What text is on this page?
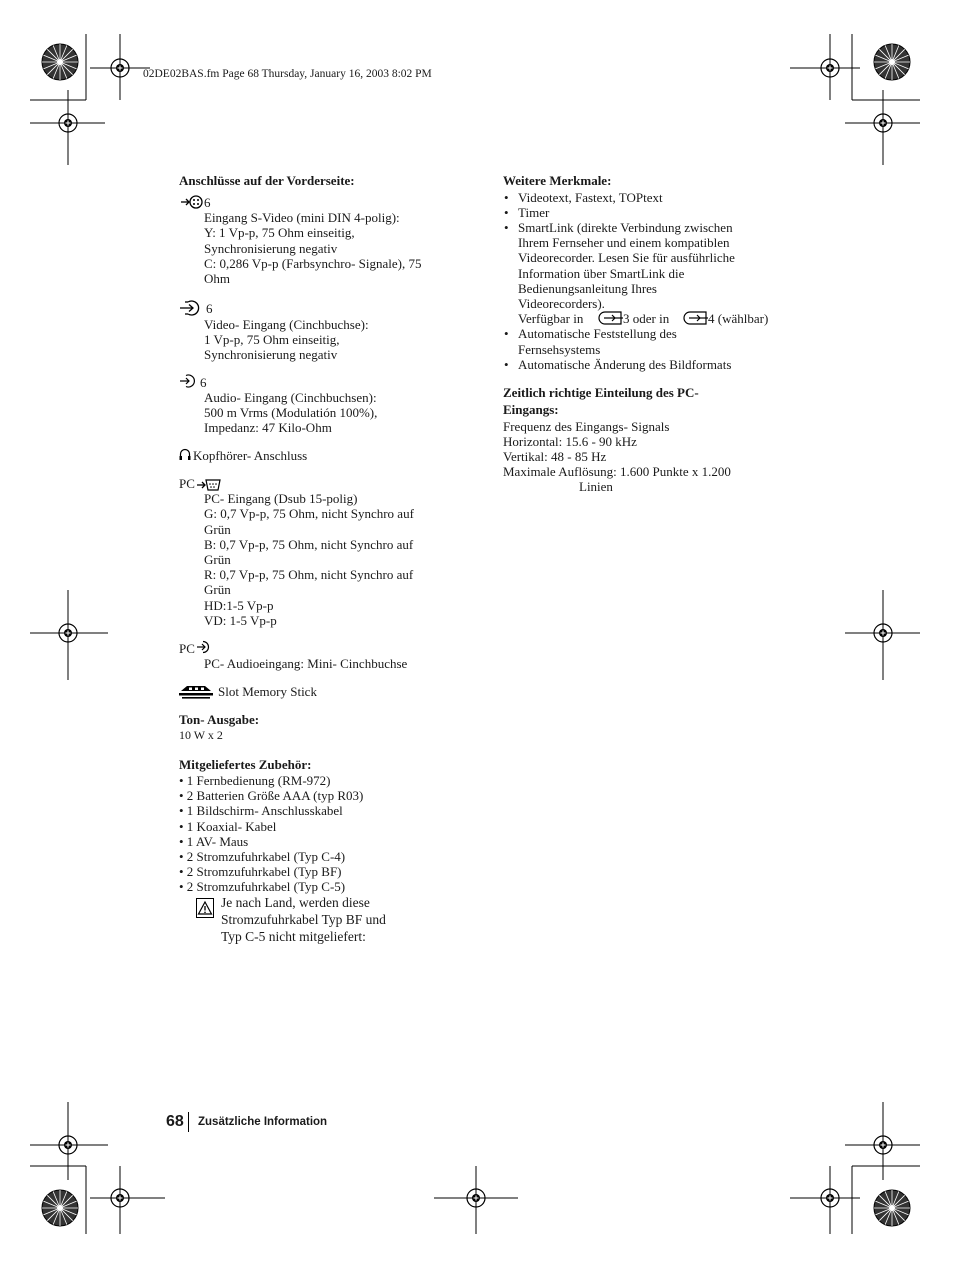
02DE02BAS.fm Page 68 Thursday, January 16, 2003 8:02 PM
Anschlüsse auf der Vorderseite:
6
Eingang S-Video (mini DIN 4-polig):
Y: 1 Vp-p, 75 Ohm einseitig,
Synchronisierung negativ
C: 0,286 Vp-p (Farbsynchro- Signale), 75
Ohm
6
Video- Eingang (Cinchbuchse):
1 Vp-p, 75 Ohm einseitig,
Synchronisierung negativ
6
Audio- Eingang (Cinchbuchsen):
500 m Vrms (Modulatión 100%),
Impedanz: 47 Kilo-Ohm
Kopfhörer- Anschluss
PC
PC- Eingang (Dsub 15-polig)
G: 0,7 Vp-p, 75 Ohm, nicht Synchro auf
Grün
B: 0,7 Vp-p, 75 Ohm, nicht Synchro auf
Grün
R: 0,7 Vp-p, 75 Ohm, nicht Synchro auf
Grün
HD:1-5 Vp-p
VD: 1-5 Vp-p
PC
PC- Audioeingang: Mini- Cinchbuchse
Slot Memory Stick
Ton- Ausgabe:
10 W x 2
Mitgeliefertes Zubehör:
• 1 Fernbedienung (RM-972)
• 2 Batterien Größe AAA (typ R03)
• 1 Bildschirm- Anschlusskabel
• 1 Koaxial- Kabel
• 1 AV- Maus
• 2 Stromzufuhrkabel (Typ C-4)
• 2 Stromzufuhrkabel (Typ BF)
• 2 Stromzufuhrkabel (Typ C-5)
Je nach Land, werden diese
Stromzufuhrkabel Typ BF und
Typ C-5 nicht mitgeliefert:
Weitere Merkmale:
• Videotext, Fastext, TOPtext
• Timer
• SmartLink (direkte Verbindung zwischen
Ihrem Fernseher und einem kompatiblen
Videorecorder. Lesen Sie für ausführliche
Information über SmartLink die
Bedienungsanleitung Ihres
Videorecorders).
Verfügbar in	3 oder in	4 (wählbar)
• Automatische Feststellung des
Fernsehsystems
• Automatische Änderung des Bildformats
Zeitlich richtige Einteilung des PC-
Eingangs:
Frequenz des Eingangs- Signals
Horizontal: 15.6 - 90 kHz
Vertikal: 48 - 85 Hz
Maximale Auflösung: 1.600 Punkte x 1.200
Linien
68 Zusätzliche Information
